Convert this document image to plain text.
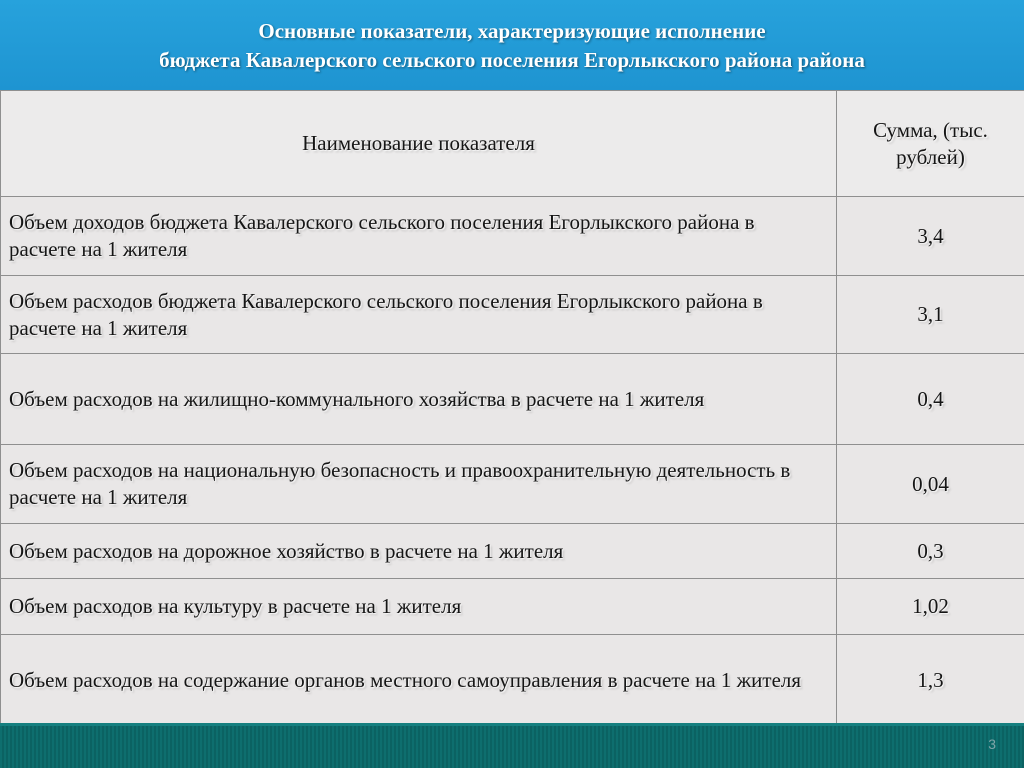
Основные показатели, характеризующие исполнение
бюджета Кавалерского сельского поселения Егорлыкского района района
Наименование показателя	Сумма, (тыс. рублей)
Объем доходов бюджета Кавалерского сельского поселения Егорлыкского района в расчете на 1 жителя	3,4
Объем расходов бюджета Кавалерского сельского поселения Егорлыкского района в расчете на 1 жителя	3,1
Объем расходов на жилищно-коммунального хозяйства в расчете на 1 жителя	0,4
Объем расходов на национальную безопасность и правоохранительную деятельность в расчете на 1 жителя	0,04
Объем расходов на дорожное хозяйство в расчете на 1 жителя	0,3
Объем расходов на культуру в расчете на 1 жителя	1,02
Объем расходов на содержание органов местного самоуправления в расчете на 1 жителя	1,3
3
